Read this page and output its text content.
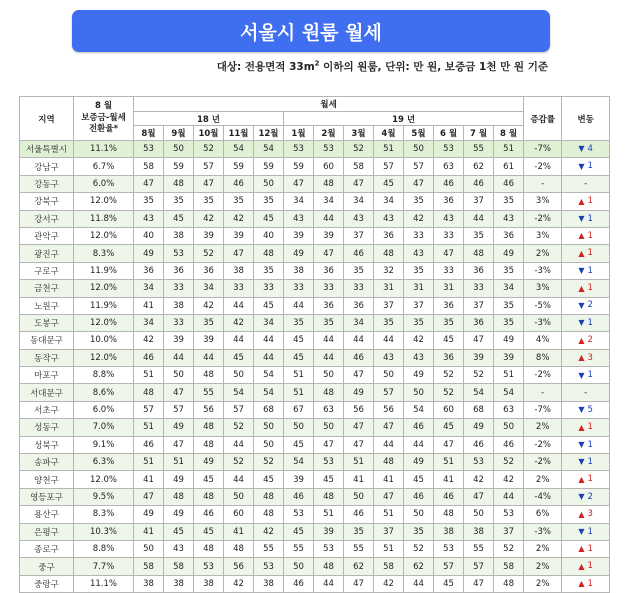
서울시 원룸 월세
대상: 전용면적 $33m^2$ 이하의 원룸, 단위: 만 원, 보증금 1천 만 원 기준
지역	8 월
보증금-월세
전환율*	월세													증감률	변동
		18 년					19 년									
		8월	9월	10월	11월	12월	1월	2월	3월	4월	5월	6 월	7 월	8 월		
서울특별시	11.1%	53	50	52	54	54	53	53	52	51	50	53	55	51	-7%	▼ 4

강남구	6.7%	58	59	57	59	59	59	60	58	57	57	63	62	61	-2%	▼ 1

강동구	6.0%	47	48	47	46	50	47	48	47	45	47	46	46	46	-	-

강북구	12.0%	35	35	35	35	35	34	34	34	34	35	36	37	35	3%	▲ 1

강서구	11.8%	43	45	42	42	45	43	44	43	43	42	43	44	43	-2%	▼ 1

관악구	12.0%	40	38	39	39	40	39	39	37	36	33	33	35	36	3%	▲ 1

광진구	8.3%	49	53	52	47	48	49	47	46	48	43	47	48	49	2%	▲ 1

구로구	11.9%	36	36	36	38	35	38	36	35	32	35	33	36	35	-3%	▼ 1

금천구	12.0%	34	33	34	33	33	33	33	33	31	31	31	33	34	3%	▲ 1

노원구	11.9%	41	38	42	44	45	44	36	36	37	37	36	37	35	-5%	▼ 2

도봉구	12.0%	34	33	35	42	34	35	35	34	35	35	35	36	35	-3%	▼ 1

동대문구	10.0%	42	39	39	44	44	45	44	44	44	42	45	47	49	4%	▲ 2

동작구	12.0%	46	44	44	45	44	45	44	46	43	43	36	39	39	8%	▲ 3

마포구	8.8%	51	50	48	50	54	51	50	47	50	49	52	52	51	-2%	▼ 1

서대문구	8.6%	48	47	55	54	54	51	48	49	57	50	52	54	54	-	-

서초구	6.0%	57	57	56	57	68	67	63	56	56	54	60	68	63	-7%	▼ 5

성동구	7.0%	51	49	48	52	50	50	50	47	47	46	45	49	50	2%	▲ 1

성북구	9.1%	46	47	48	44	50	45	47	47	44	44	47	46	46	-2%	▼ 1

송파구	6.3%	51	51	49	52	52	54	53	51	48	49	51	53	52	-2%	▼ 1

양천구	12.0%	41	49	45	44	45	39	45	41	41	45	41	42	42	2%	▲ 1

영등포구	9.5%	47	48	48	50	48	46	48	50	47	46	46	47	44	-4%	▼ 2

용산구	8.3%	49	49	46	60	48	53	51	46	51	50	48	50	53	6%	▲ 3

은평구	10.3%	41	45	45	41	42	45	39	35	37	35	38	38	37	-3%	▼ 1

종로구	8.8%	50	43	48	48	55	55	53	55	51	52	53	55	52	2%	▲ 1

중구	7.7%	58	58	53	56	53	50	48	62	58	62	57	57	58	2%	▲ 1

중랑구	11.1%	38	38	38	42	38	46	44	47	42	44	45	47	48	2%	▲ 1
